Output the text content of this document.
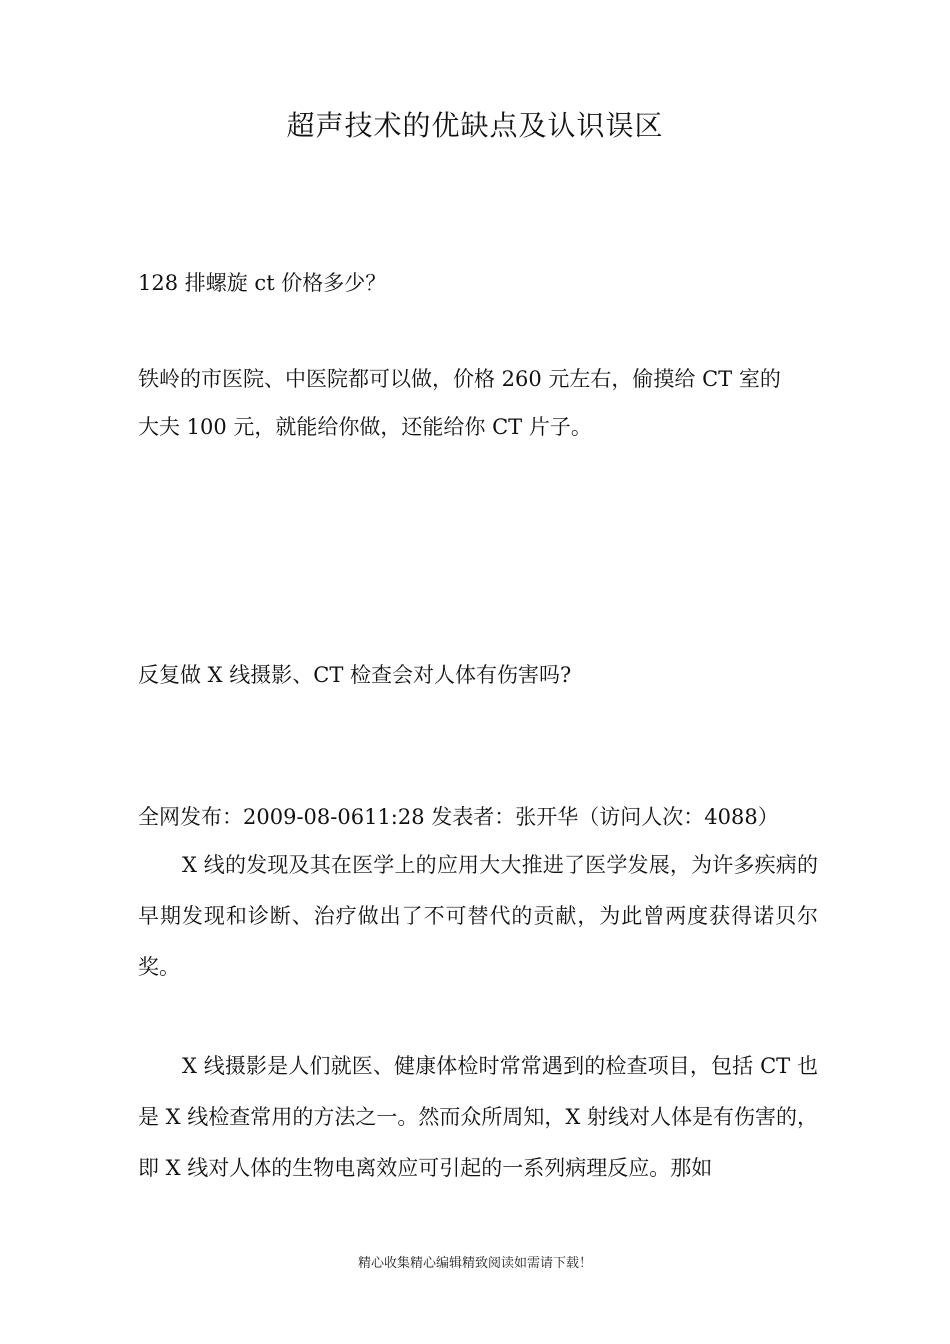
超声技术的优缺点及认识误区
128 排螺旋 ct 价格多少？
铁岭的市医院、中医院都可以做，价格 260 元左右，偷摸给 CT 室的
大夫 100 元，就能给你做，还能给你 CT 片子。
反复做 X 线摄影、CT 检查会对人体有伤害吗?
全网发布：2009-08-0611:28 发表者：张开华（访问人次：4088）
X 线的发现及其在医学上的应用大大推进了医学发展，为许多疾病的早期发现和诊断、治疗做出了不可替代的贡献，为此曾两度获得诺贝尔奖。
X 线摄影是人们就医、健康体检时常常遇到的检查项目，包括 CT 也是 X 线检查常用的方法之一。然而众所周知，X 射线对人体是有伤害的，即 X 线对人体的生物电离效应可引起的一系列病理反应。那如
精心收集精心编辑精致阅读如需请下载！
